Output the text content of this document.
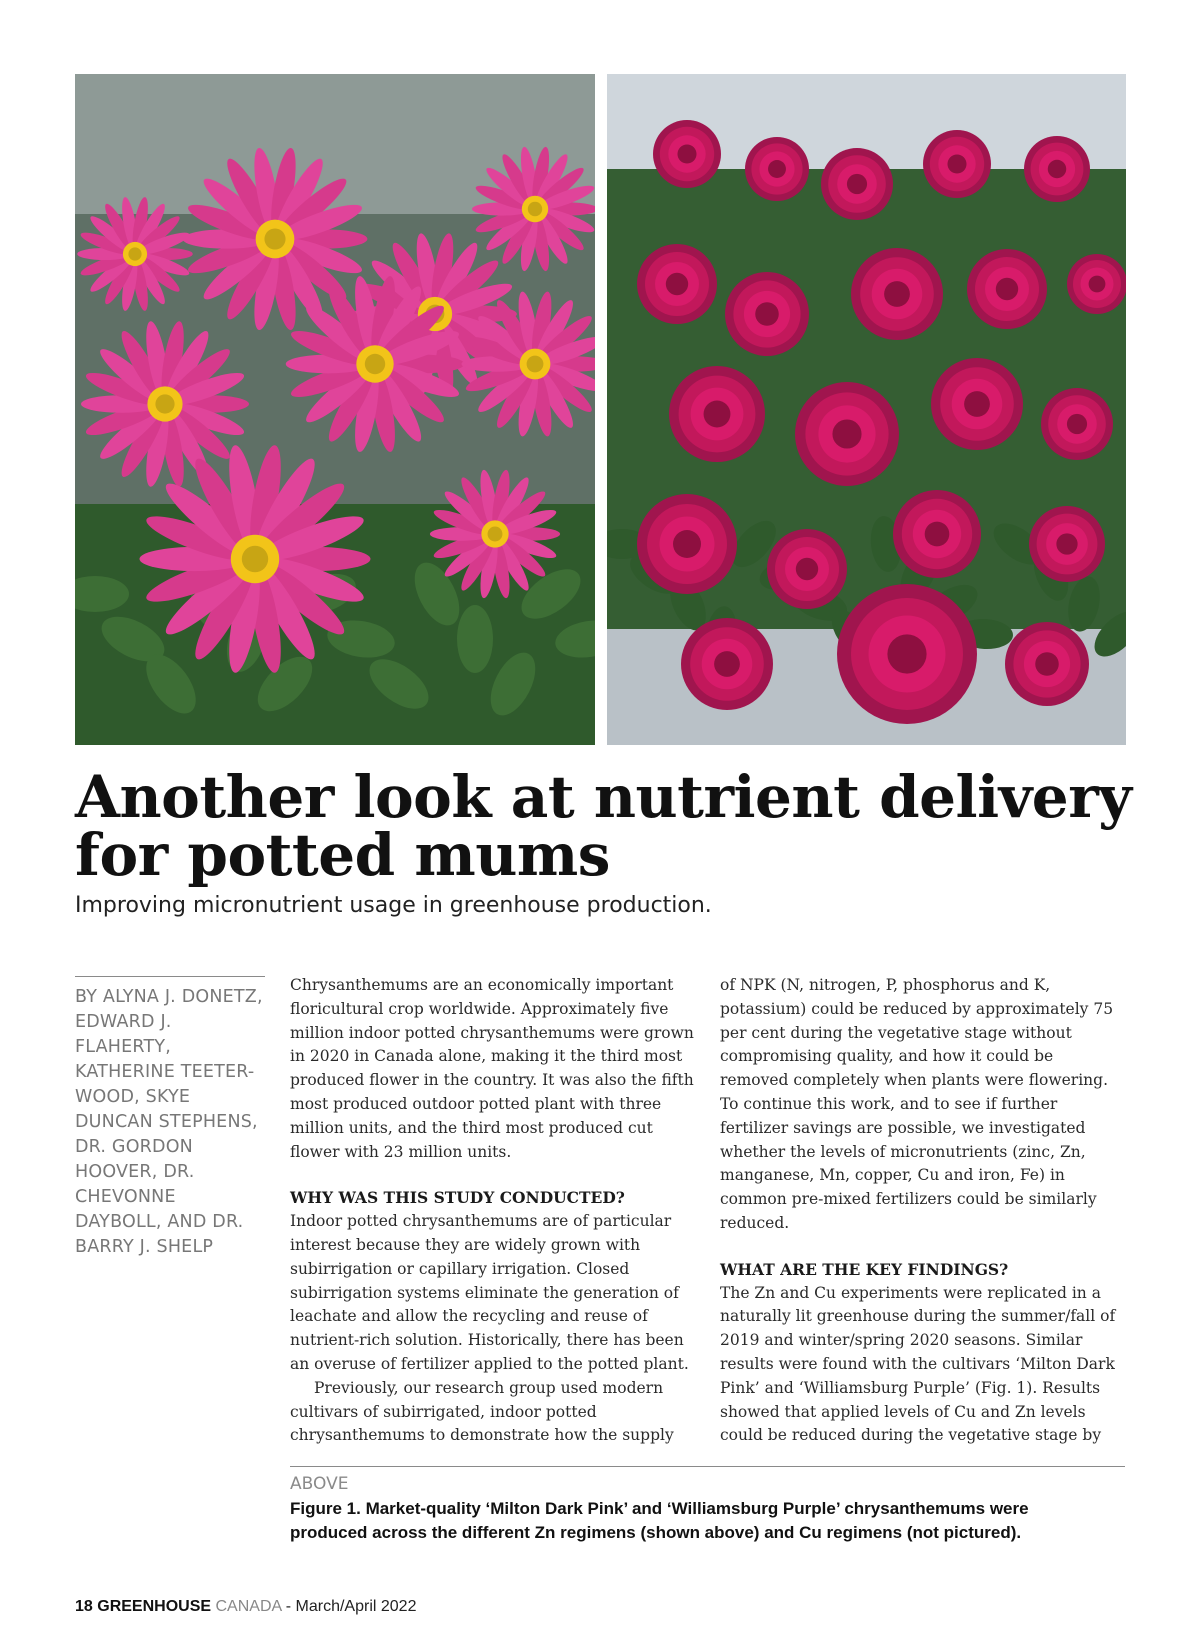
Another look at nutrient delivery
for potted mums

Improving micronutrient usage in greenhouse production.

BY ALYNA J. DONETZ, EDWARD J. FLAHERTY, KATHERINE TEETER-WOOD, SKYE DUNCAN STEPHENS, DR. GORDON HOOVER, DR. CHEVONNE DAYBOLL, AND DR. BARRY J. SHELP

Chrysanthemums are an economically important floricultural crop worldwide. Approximately five million indoor potted chrysanthemums were grown in 2020 in Canada alone, making it the third most produced flower in the country. It was also the fifth most produced outdoor potted plant with three million units, and the third most produced cut flower with 23 million units.

WHY WAS THIS STUDY CONDUCTED?

Indoor potted chrysanthemums are of particular interest because they are widely grown with subirrigation or capillary irrigation. Closed subirrigation systems eliminate the generation of leachate and allow the recycling and reuse of nutrient-rich solution. Historically, there has been an overuse of fertilizer applied to the potted plant.

Previously, our research group used modern cultivars of subirrigated, indoor potted chrysanthemums to demonstrate how the supply

of NPK (N, nitrogen, P, phosphorus and K, potassium) could be reduced by approximately 75 per cent during the vegetative stage without compromising quality, and how it could be removed completely when plants were flowering. To continue this work, and to see if further fertilizer savings are possible, we investigated whether the levels of micronutrients (zinc, Zn, manganese, Mn, copper, Cu and iron, Fe) in common pre-mixed fertilizers could be similarly reduced.

WHAT ARE THE KEY FINDINGS?

The Zn and Cu experiments were replicated in a naturally lit greenhouse during the summer/fall of 2019 and winter/spring 2020 seasons. Similar results were found with the cultivars ‘Milton Dark Pink’ and ‘Williamsburg Purple’ (Fig. 1). Results showed that applied levels of Cu and Zn levels could be reduced during the vegetative stage by

ABOVE
Figure 1. Market-quality ‘Milton Dark Pink’ and ‘Williamsburg Purple’ chrysanthemums were produced across the different Zn regimens (shown above) and Cu regimens (not pictured).
18 GREENHOUSE CANADA - March/April 2022
